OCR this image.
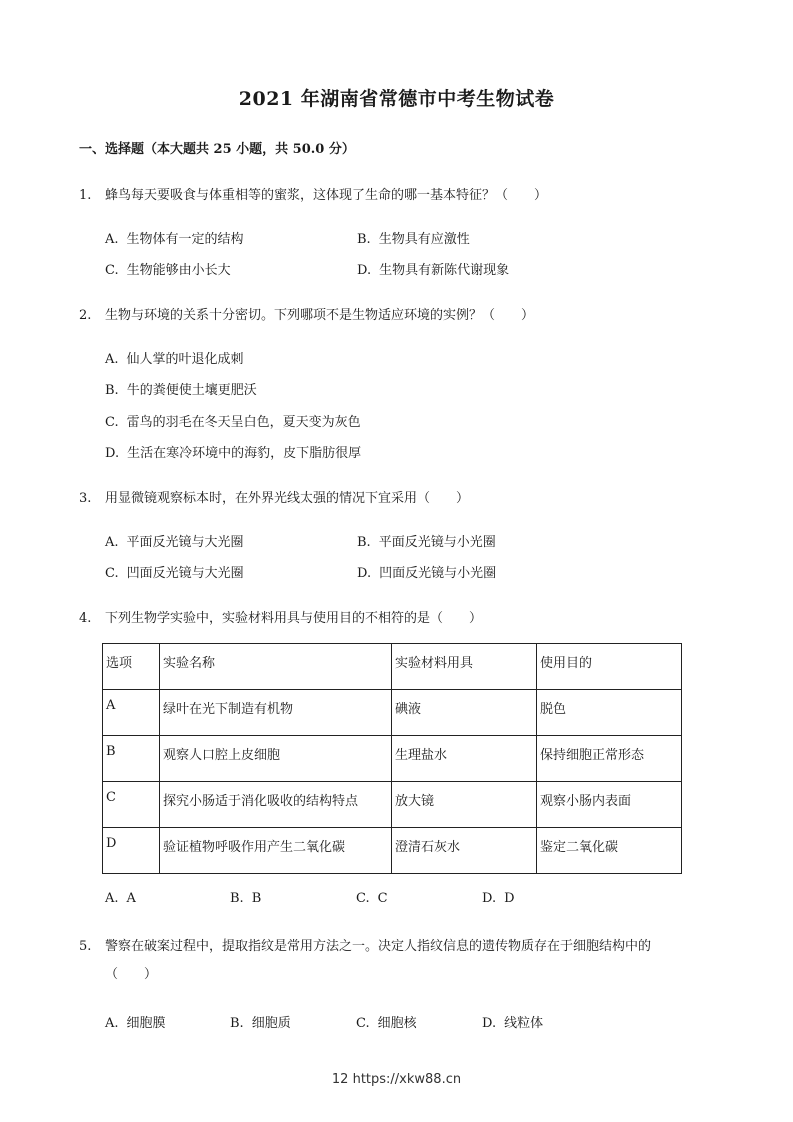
2021 年湖南省常德市中考生物试卷
一、选择题（本大题共 25 小题，共 50.0 分）
1. 蜂鸟每天要吸食与体重相等的蜜浆，这体现了生命的哪一基本特征？（　　）
A. 生物体有一定的结构	B. 生物具有应激性
C. 生物能够由小长大	D. 生物具有新陈代谢现象
2. 生物与环境的关系十分密切。下列哪项不是生物适应环境的实例？（　　）
A. 仙人掌的叶退化成刺
B. 牛的粪便使土壤更肥沃
C. 雷鸟的羽毛在冬天呈白色，夏天变为灰色
D. 生活在寒冷环境中的海豹，皮下脂肪很厚
3. 用显微镜观察标本时，在外界光线太强的情况下宜采用（　　）
A. 平面反光镜与大光圈	B. 平面反光镜与小光圈
C. 凹面反光镜与大光圈	D. 凹面反光镜与小光圈
4. 下列生物学实验中，实验材料用具与使用目的不相符的是（　　）
选项	实验名称	实验材料用具	使用目的
A	绿叶在光下制造有机物	碘液	脱色
B	观察人口腔上皮细胞	生理盐水	保持细胞正常形态
C	探究小肠适于消化吸收的结构特点	放大镜	观察小肠内表面
D	验证植物呼吸作用产生二氧化碳	澄清石灰水	鉴定二氧化碳
A. A	B. B	C. C	D. D
5. 警察在破案过程中，提取指纹是常用方法之一。决定人指纹信息的遗传物质存在于细胞结构中的
（　　）
A. 细胞膜	B. 细胞质	C. 细胞核	D. 线粒体
12 https://xkw88.cn
